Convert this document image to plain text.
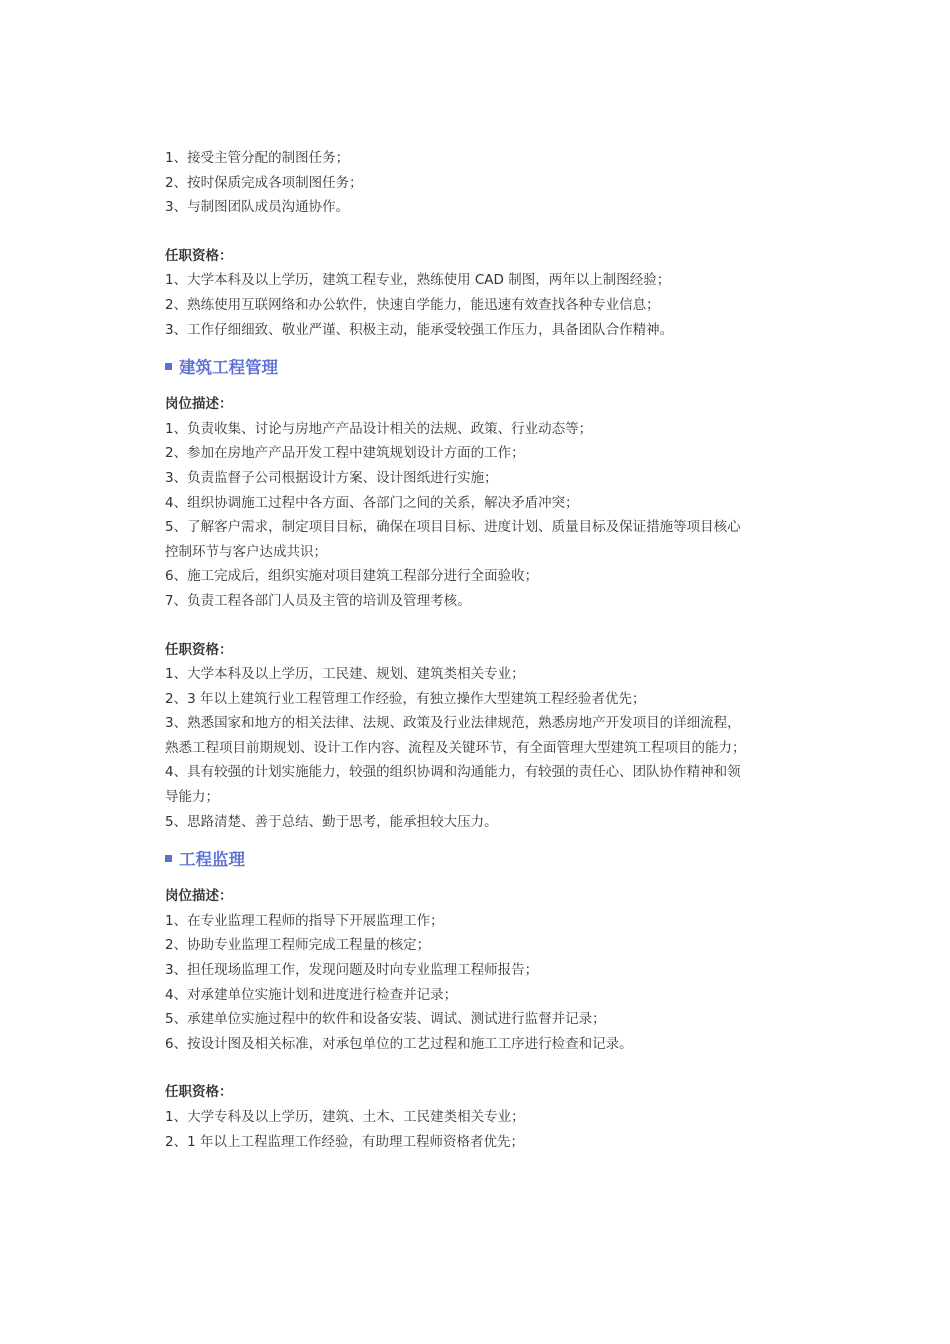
1、接受主管分配的制图任务；

2、按时保质完成各项制图任务；

3、与制图团队成员沟通协作。

任职资格：

1、大学本科及以上学历，建筑工程专业，熟练使用 CAD 制图，两年以上制图经验；

2、熟练使用互联网络和办公软件，快速自学能力，能迅速有效查找各种专业信息；

3、工作仔细细致、敬业严谨、积极主动，能承受较强工作压力，具备团队合作精神。

建筑工程管理

岗位描述：

1、负责收集、讨论与房地产产品设计相关的法规、政策、行业动态等；

2、参加在房地产产品开发工程中建筑规划设计方面的工作；

3、负责监督子公司根据设计方案、设计图纸进行实施；

4、组织协调施工过程中各方面、各部门之间的关系，解决矛盾冲突；

5、了解客户需求，制定项目目标，确保在项目目标、进度计划、质量目标及保证措施等项目核心

控制环节与客户达成共识；

6、施工完成后，组织实施对项目建筑工程部分进行全面验收；

7、负责工程各部门人员及主管的培训及管理考核。

任职资格：

1、大学本科及以上学历，工民建、规划、建筑类相关专业；

2、3 年以上建筑行业工程管理工作经验，有独立操作大型建筑工程经验者优先；

3、熟悉国家和地方的相关法律、法规、政策及行业法律规范，熟悉房地产开发项目的详细流程，

熟悉工程项目前期规划、设计工作内容、流程及关键环节，有全面管理大型建筑工程项目的能力；

4、具有较强的计划实施能力，较强的组织协调和沟通能力，有较强的责任心、团队协作精神和领

导能力；

5、思路清楚、善于总结、勤于思考，能承担较大压力。

工程监理

岗位描述：

1、在专业监理工程师的指导下开展监理工作；

2、协助专业监理工程师完成工程量的核定；

3、担任现场监理工作，发现问题及时向专业监理工程师报告；

4、对承建单位实施计划和进度进行检查并记录；

5、承建单位实施过程中的软件和设备安装、调试、测试进行监督并记录；

6、按设计图及相关标准，对承包单位的工艺过程和施工工序进行检查和记录。

任职资格：

1、大学专科及以上学历，建筑、土木、工民建类相关专业；

2、1 年以上工程监理工作经验，有助理工程师资格者优先；
